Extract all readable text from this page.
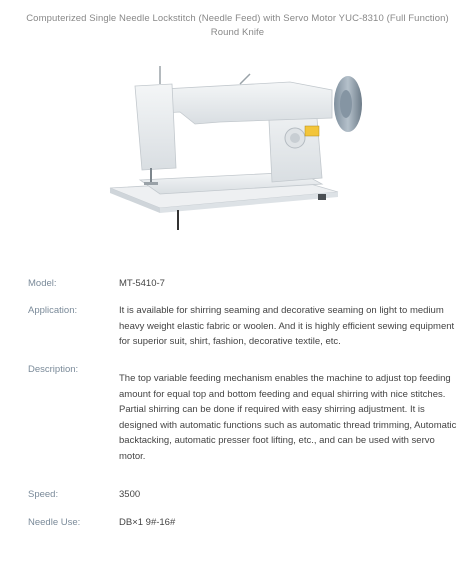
Computerized Single Needle Lockstitch (Needle Feed) with Servo Motor YUC-8310 (Full Function)
Round Knife
Model:	MT-5410-7
Application:	It is available for shirring seaming and decorative seaming on light to medium heavy weight elastic fabric or woolen. And it is highly efficient sewing equipment for superior suit, shirt, fashion, decorative textile, etc.
Description:
The top variable feeding mechanism enables the machine to adjust top feeding amount for equal top and bottom feeding and equal shirring with nice stitches. Partial shirring can be done if required with easy shirring adjustment. It is designed with automatic functions such as automatic thread trimming, Automatic backtacking, automatic presser foot lifting, etc., and can be used with servo motor.
Speed:	3500
Needle Use:	DB×1 9#-16#
